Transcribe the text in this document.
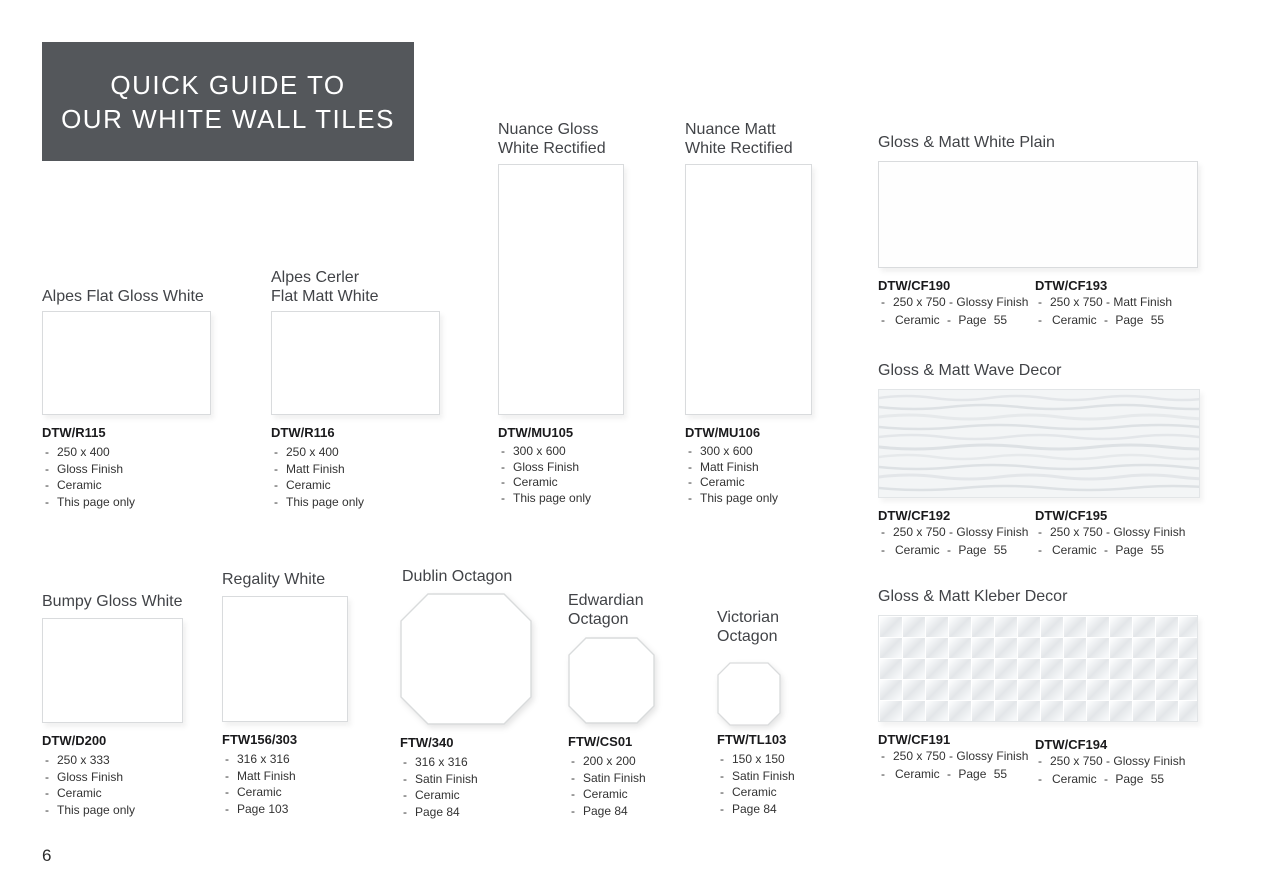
QUICK GUIDE TO
OUR WHITE WALL TILES
Alpes Flat Gloss White
DTW/R115
- 250 x 400
- Gloss Finish
- Ceramic
- This page only
Alpes Cerler
Flat Matt White
DTW/R116
- 250 x 400
- Matt Finish
- Ceramic
- This page only
Nuance Gloss
White Rectified
DTW/MU105
- 300 x 600
- Gloss Finish
- Ceramic
- This page only
Nuance Matt
White Rectified
DTW/MU106
- 300 x 600
- Matt Finish
- Ceramic
- This page only
Bumpy Gloss White
DTW/D200
- 250 x 333
- Gloss Finish
- Ceramic
- This page only
Regality White
FTW156/303
- 316 x 316
- Matt Finish
- Ceramic
- Page 103
Dublin Octagon
FTW/340
- 316 x 316
- Satin Finish
- Ceramic
- Page 84
Edwardian
Octagon
FTW/CS01
- 200 x 200
- Satin Finish
- Ceramic
- Page 84
Victorian
Octagon
FTW/TL103
- 150 x 150
- Satin Finish
- Ceramic
- Page 84
Gloss & Matt White Plain
DTW/CF190
- 250 x 750 - Glossy Finish
- Ceramic - Page 55
DTW/CF193
- 250 x 750 - Matt Finish
- Ceramic - Page 55
Gloss & Matt Wave Decor
DTW/CF192
- 250 x 750 - Glossy Finish
- Ceramic - Page 55
DTW/CF195
- 250 x 750 - Glossy Finish
- Ceramic - Page 55
Gloss & Matt Kleber Decor
DTW/CF191
- 250 x 750 - Glossy Finish
- Ceramic - Page 55
DTW/CF194
- 250 x 750 - Glossy Finish
- Ceramic - Page 55
6
